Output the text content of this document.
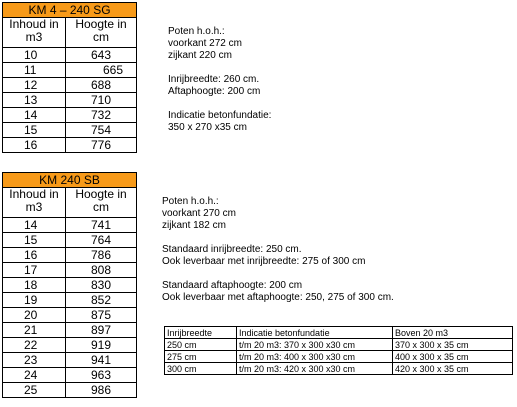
KM 4 – 240 SG	
Inhoud in m3	Hoogte in cm
10	643
11	665
12	688
13	710
14	732
15	754
16	776
Poten h.o.h.:
voorkant 272 cm
zijkant 220 cm
Inrijbreedte: 260 cm.
Aftaphoogte: 200 cm
Indicatie betonfundatie:
350 x 270 x35 cm
KM 240 SB	
Inhoud in m3	Hoogte in cm
14	741
15	764
16	786
17	808
18	830
19	852
20	875
21	897
22	919
23	941
24	963
25	986
Poten h.o.h.:
voorkant 270 cm
zijkant 182 cm
Standaard inrijbreedte: 250 cm.
Ook leverbaar met inrijbreedte: 275 of 300 cm
Standaard aftaphoogte: 200 cm
Ook leverbaar met aftaphoogte: 250, 275 of 300 cm.
Inrijbreedte	Indicatie betonfundatie	Boven 20 m3
250 cm	t/m 20 m3: 370 x 300 x30 cm	370 x 300 x 35 cm
275 cm	t/m 20 m3: 400 x 300 x30 cm	400 x 300 x 35 cm
300 cm	t/m 20 m3: 420 x 300 x30 cm	420 x 300 x 35 cm
